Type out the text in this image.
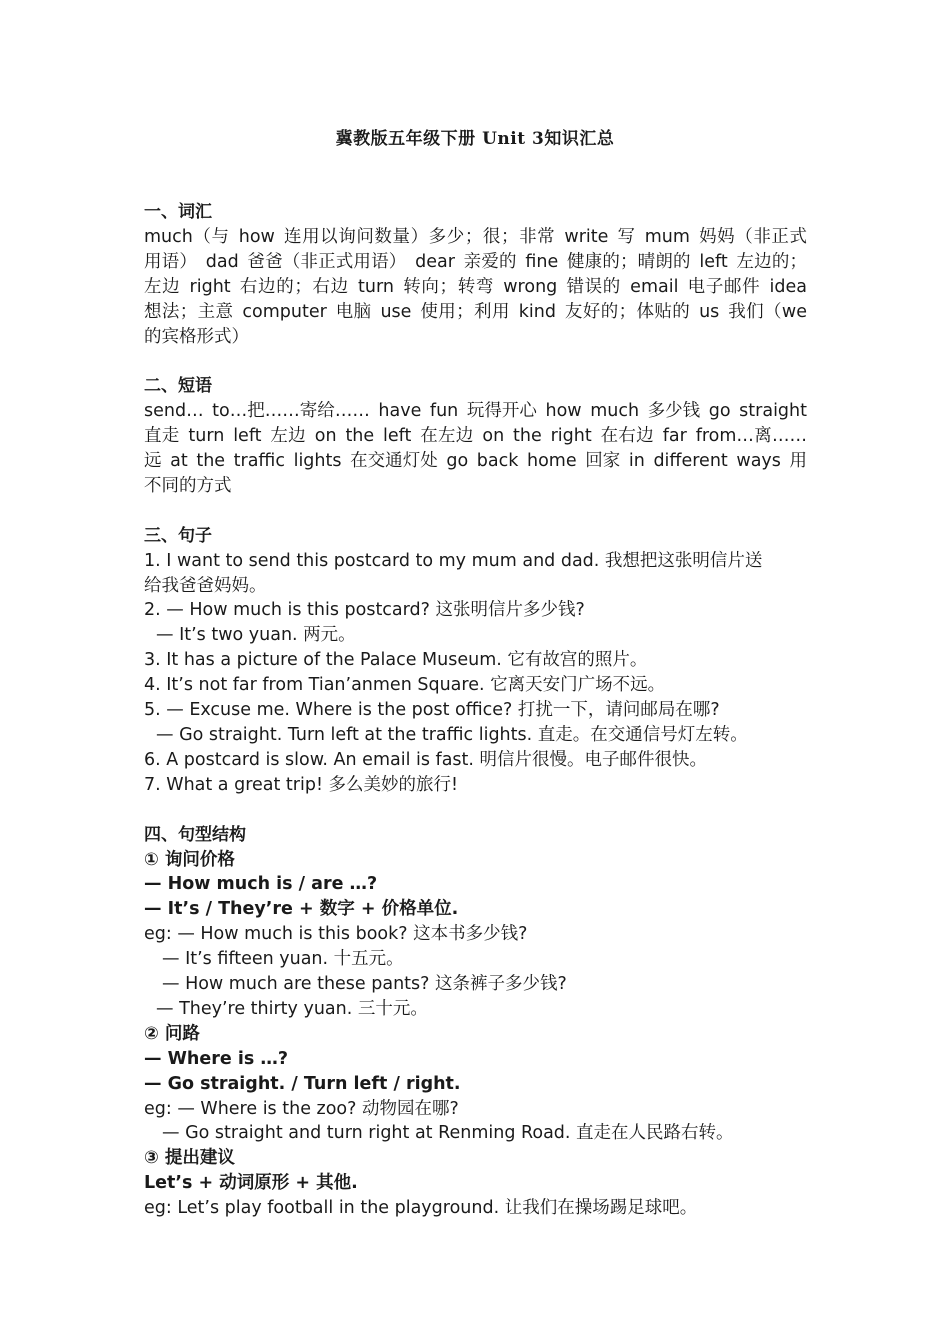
冀教版五年级下册 Unit 3知识汇总
一、词汇
much（与 how 连用以询问数量）多少；很；非常 write 写 mum 妈妈（非正式用语） dad 爸爸（非正式用语） dear 亲爱的 fine 健康的；晴朗的 left 左边的；左边 right 右边的；右边 turn 转向；转弯 wrong 错误的 email 电子邮件 idea 想法；主意 computer 电脑 use 使用；利用 kind 友好的；体贴的 us 我们（we 的宾格形式）
二、短语
send… to…把……寄给…… have fun 玩得开心 how much 多少钱 go straight 直走 turn left 左边 on the left 在左边 on the right 在右边 far from…离……远 at the traffic lights 在交通灯处 go back home 回家 in different ways 用不同的方式
三、句子
1. I want to send this postcard to my mum and dad. 我想把这张明信片送
给我爸爸妈妈。
2. — How much is this postcard? 这张明信片多少钱?
— It’s two yuan. 两元。
3. It has a picture of the Palace Museum. 它有故宫的照片。
4. It’s not far from Tian’anmen Square. 它离天安门广场不远。
5. — Excuse me. Where is the post office? 打扰一下，请问邮局在哪?
— Go straight. Turn left at the traffic lights. 直走。在交通信号灯左转。
6. A postcard is slow. An email is fast. 明信片很慢。电子邮件很快。
7. What a great trip! 多么美妙的旅行!
四、句型结构
① 询问价格
— How much is / are …?
— It’s / They’re + 数字 + 价格单位.
eg: — How much is this book? 这本书多少钱?
— It’s fifteen yuan. 十五元。
— How much are these pants? 这条裤子多少钱?
— They’re thirty yuan. 三十元。
② 问路
— Where is …?
— Go straight. / Turn left / right.
eg: — Where is the zoo? 动物园在哪?
— Go straight and turn right at Renming Road. 直走在人民路右转。
③ 提出建议
Let’s + 动词原形 + 其他.
eg: Let’s play football in the playground. 让我们在操场踢足球吧。
